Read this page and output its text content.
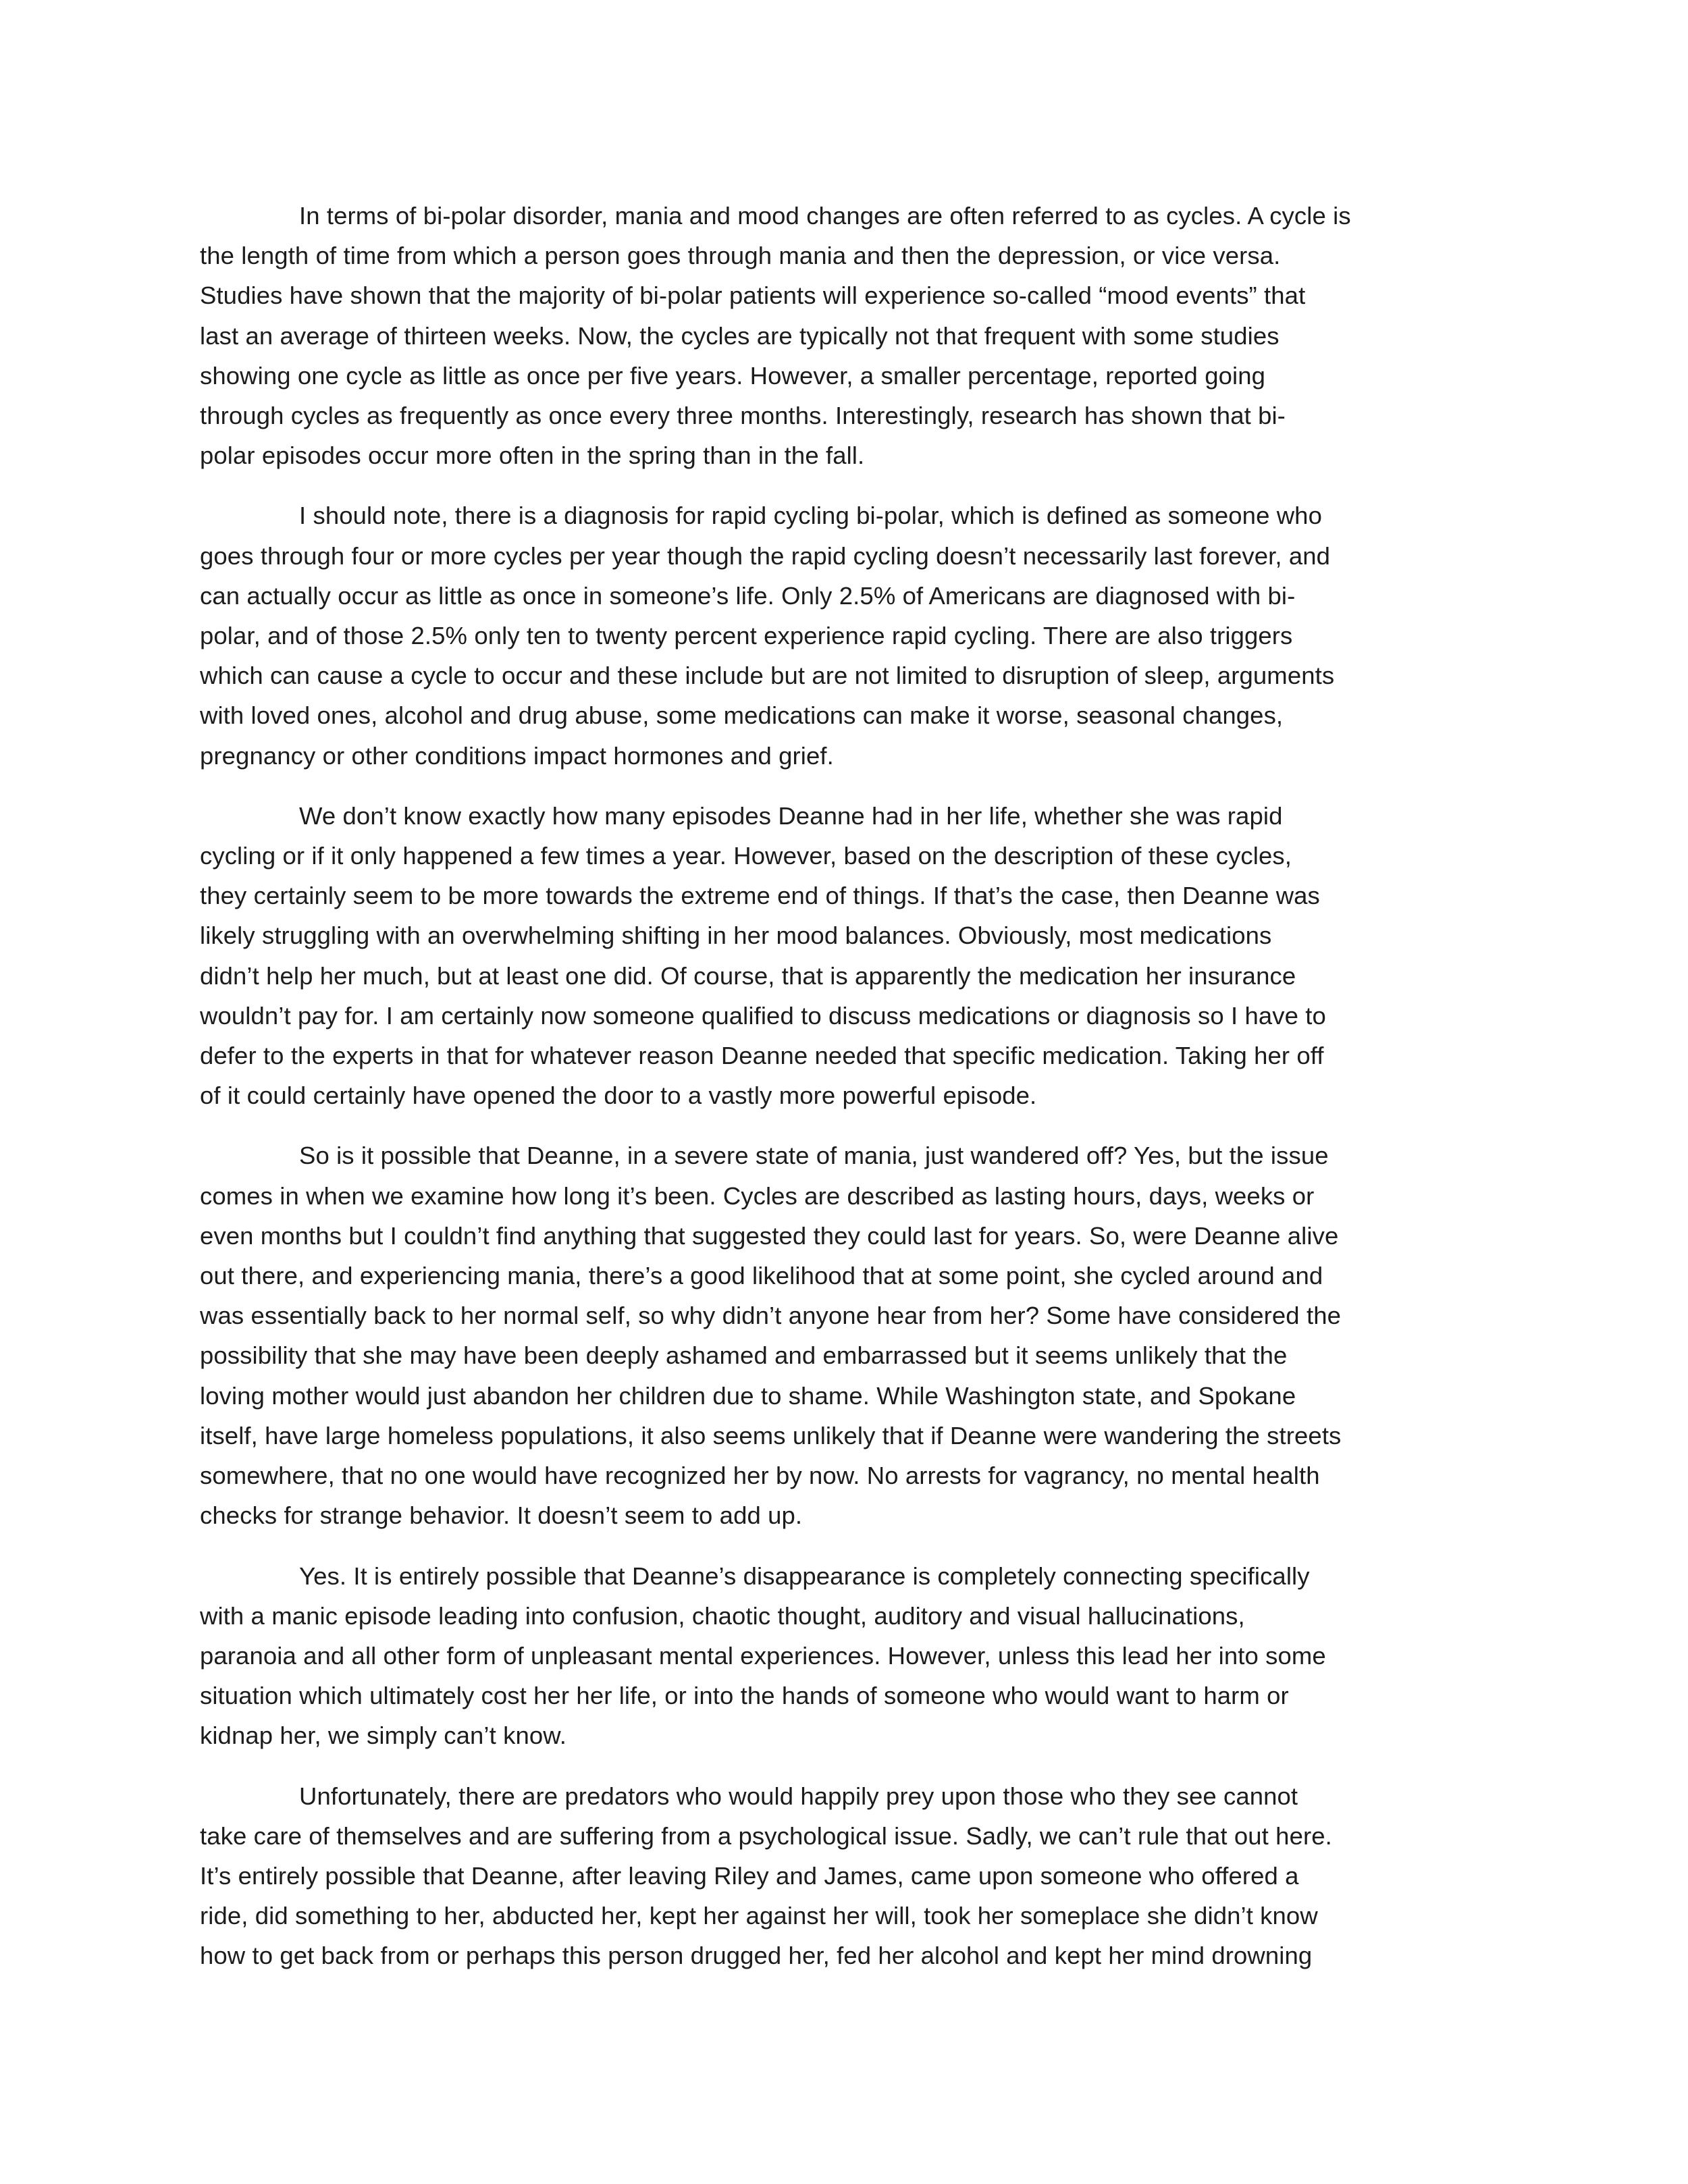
In terms of bi-polar disorder, mania and mood changes are often referred to as cycles. A cycle is
the length of time from which a person goes through mania and then the depression, or vice versa.
Studies have shown that the majority of bi-polar patients will experience so-called “mood events” that
last an average of thirteen weeks. Now, the cycles are typically not that frequent with some studies
showing one cycle as little as once per five years. However, a smaller percentage, reported going
through cycles as frequently as once every three months. Interestingly, research has shown that bi-
polar episodes occur more often in the spring than in the fall.

I should note, there is a diagnosis for rapid cycling bi-polar, which is defined as someone who
goes through four or more cycles per year though the rapid cycling doesn’t necessarily last forever, and
can actually occur as little as once in someone’s life. Only 2.5% of Americans are diagnosed with bi-
polar, and of those 2.5% only ten to twenty percent experience rapid cycling. There are also triggers
which can cause a cycle to occur and these include but are not limited to disruption of sleep, arguments
with loved ones, alcohol and drug abuse, some medications can make it worse, seasonal changes,
pregnancy or other conditions impact hormones and grief.

We don’t know exactly how many episodes Deanne had in her life, whether she was rapid
cycling or if it only happened a few times a year. However, based on the description of these cycles,
they certainly seem to be more towards the extreme end of things. If that’s the case, then Deanne was
likely struggling with an overwhelming shifting in her mood balances. Obviously, most medications
didn’t help her much, but at least one did. Of course, that is apparently the medication her insurance
wouldn’t pay for. I am certainly now someone qualified to discuss medications or diagnosis so I have to
defer to the experts in that for whatever reason Deanne needed that specific medication. Taking her off
of it could certainly have opened the door to a vastly more powerful episode.

So is it possible that Deanne, in a severe state of mania, just wandered off? Yes, but the issue
comes in when we examine how long it’s been. Cycles are described as lasting hours, days, weeks or
even months but I couldn’t find anything that suggested they could last for years. So, were Deanne alive
out there, and experiencing mania, there’s a good likelihood that at some point, she cycled around and
was essentially back to her normal self, so why didn’t anyone hear from her? Some have considered the
possibility that she may have been deeply ashamed and embarrassed but it seems unlikely that the
loving mother would just abandon her children due to shame. While Washington state, and Spokane
itself, have large homeless populations, it also seems unlikely that if Deanne were wandering the streets
somewhere, that no one would have recognized her by now. No arrests for vagrancy, no mental health
checks for strange behavior. It doesn’t seem to add up.

Yes. It is entirely possible that Deanne’s disappearance is completely connecting specifically
with a manic episode leading into confusion, chaotic thought, auditory and visual hallucinations,
paranoia and all other form of unpleasant mental experiences. However, unless this lead her into some
situation which ultimately cost her her life, or into the hands of someone who would want to harm or
kidnap her, we simply can’t know.

Unfortunately, there are predators who would happily prey upon those who they see cannot
take care of themselves and are suffering from a psychological issue. Sadly, we can’t rule that out here.
It’s entirely possible that Deanne, after leaving Riley and James, came upon someone who offered a
ride, did something to her, abducted her, kept her against her will, took her someplace she didn’t know
how to get back from or perhaps this person drugged her, fed her alcohol and kept her mind drowning
